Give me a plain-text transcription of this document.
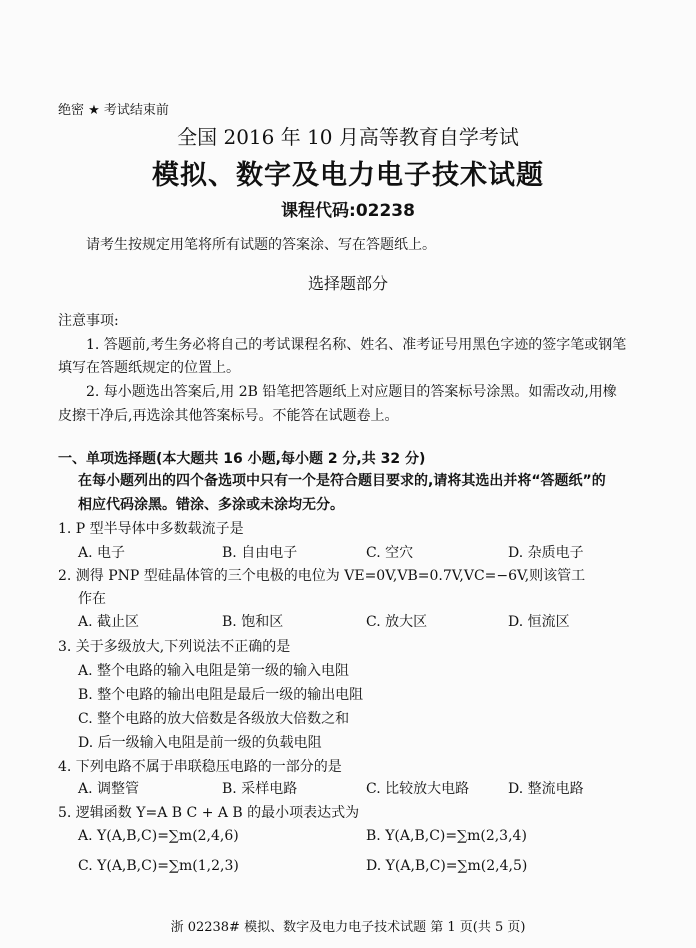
绝密 ★ 考试结束前
全国 2016 年 10 月高等教育自学考试
模拟、数字及电力电子技术试题
课程代码:02238
请考生按规定用笔将所有试题的答案涂、写在答题纸上。
选择题部分
注意事项:
1. 答题前,考生务必将自己的考试课程名称、姓名、准考证号用黑色字迹的签字笔或钢笔
填写在答题纸规定的位置上。
2. 每小题选出答案后,用 2B 铅笔把答题纸上对应题目的答案标号涂黑。如需改动,用橡
皮擦干净后,再选涂其他答案标号。不能答在试题卷上。
一、单项选择题(本大题共 16 小题,每小题 2 分,共 32 分)
在每小题列出的四个备选项中只有一个是符合题目要求的,请将其选出并将“答题纸”的
相应代码涂黑。错涂、多涂或未涂均无分。
1. P 型半导体中多数载流子是
A. 电子	B. 自由电子	C. 空穴	D. 杂质电子
2. 测得 PNP 型硅晶体管的三个电极的电位为 VE=0V,VB=0.7V,VC=−6V,则该管工
作在
A. 截止区	B. 饱和区	C. 放大区	D. 恒流区
3. 关于多级放大,下列说法不正确的是
A. 整个电路的输入电阻是第一级的输入电阻
B. 整个电路的输出电阻是最后一级的输出电阻
C. 整个电路的放大倍数是各级放大倍数之和
D. 后一级输入电阻是前一级的负载电阻
4. 下列电路不属于串联稳压电路的一部分的是
A. 调整管	B. 采样电路	C. 比较放大电路	D. 整流电路
5. 逻辑函数 Y=A B C + A B 的最小项表达式为
A. Y(A,B,C)=∑m(2,4,6)	B. Y(A,B,C)=∑m(2,3,4)
C. Y(A,B,C)=∑m(1,2,3)	D. Y(A,B,C)=∑m(2,4,5)
浙 02238# 模拟、数字及电力电子技术试题 第 1 页(共 5 页)
